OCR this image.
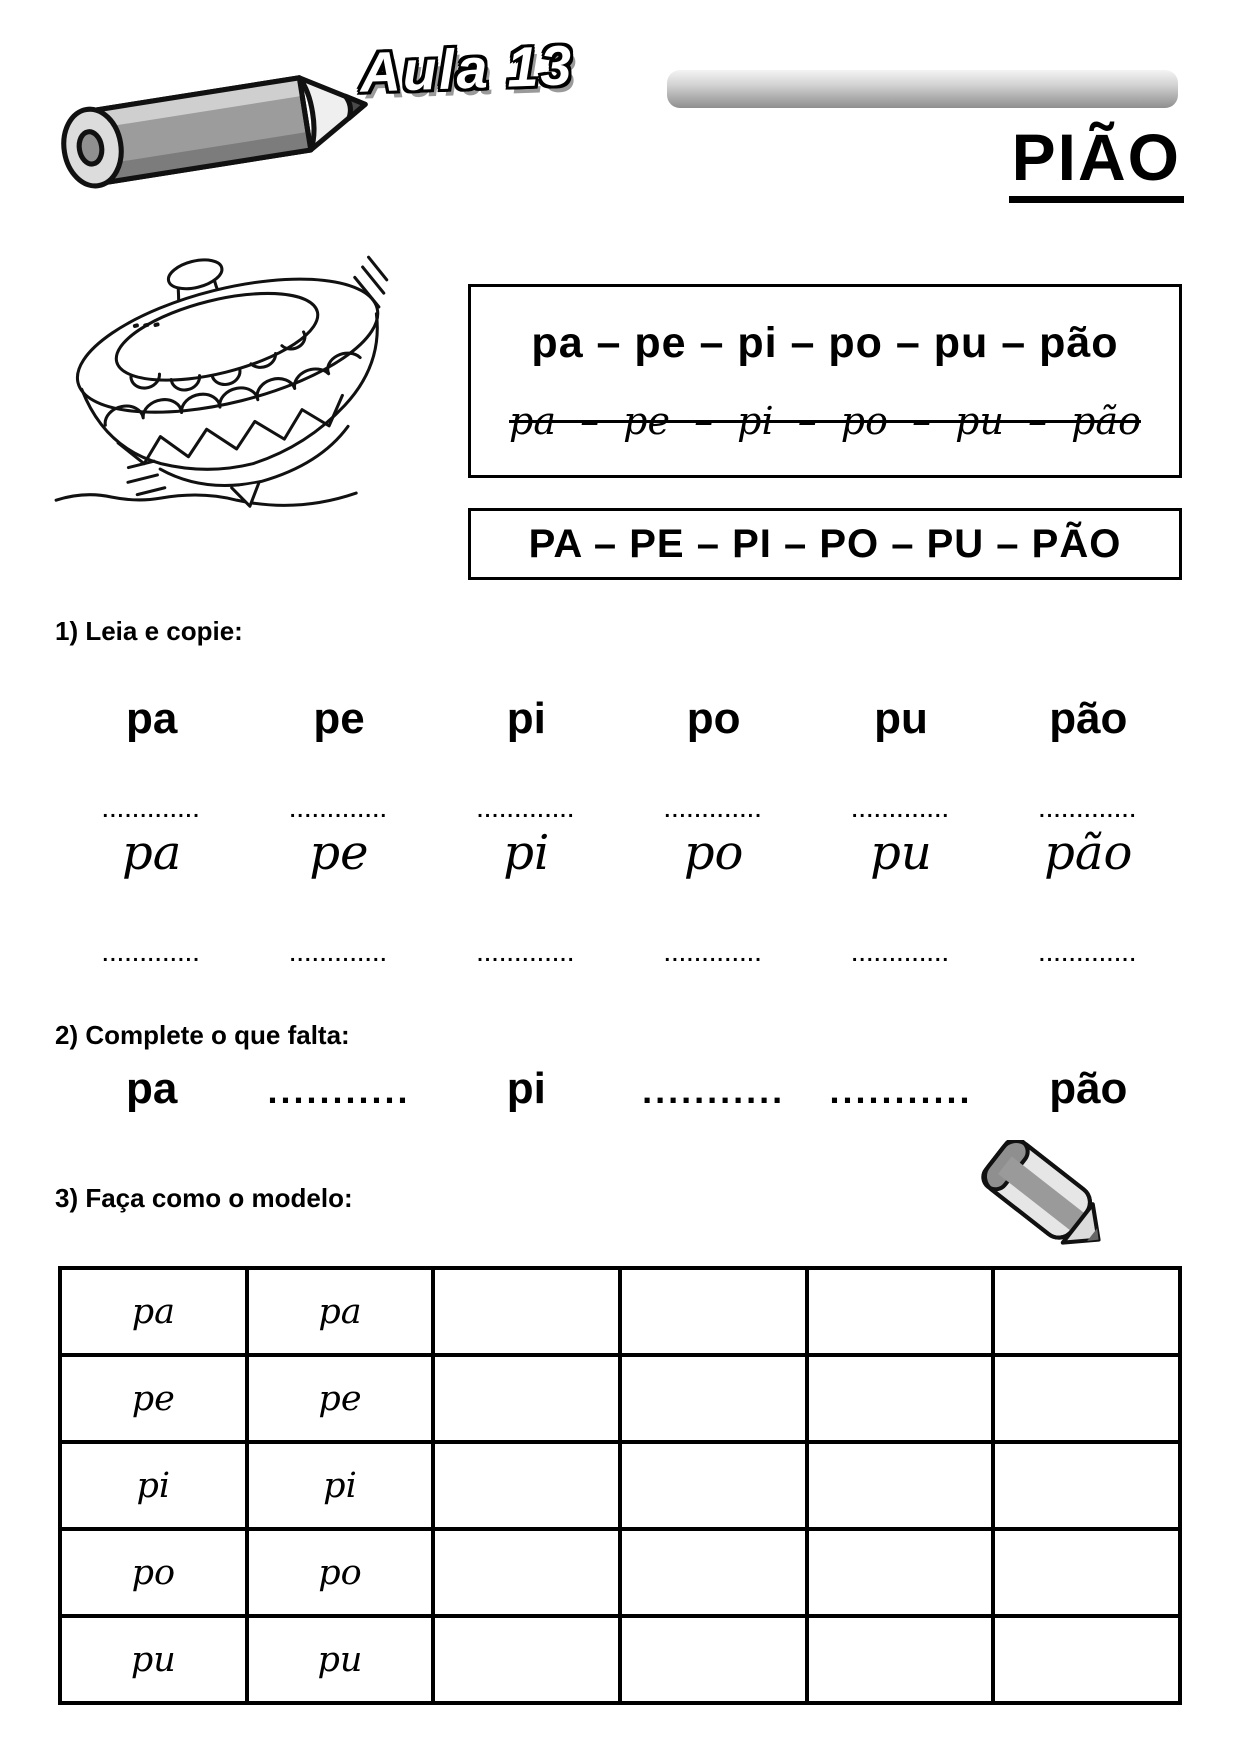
Aula 13
PIÃO
pa – pe – pi – po – pu – pão
pa – pe – pi – po – pu – pão
PA – PE – PI – PO – PU – PÃO
1) Leia e copie:
pa	pe	pi	po	pu	pão
.............	.............	.............	.............	.............	.............
pa	pe	pi	po	pu	pão
.............	.............	.............	.............	.............	.............
2) Complete o que falta:
pa	...........	pi	...........	...........	pão
3) Faça como o modelo:
pa	pa				
pe	pe				
pi	pi				
po	po				
pu	pu				
